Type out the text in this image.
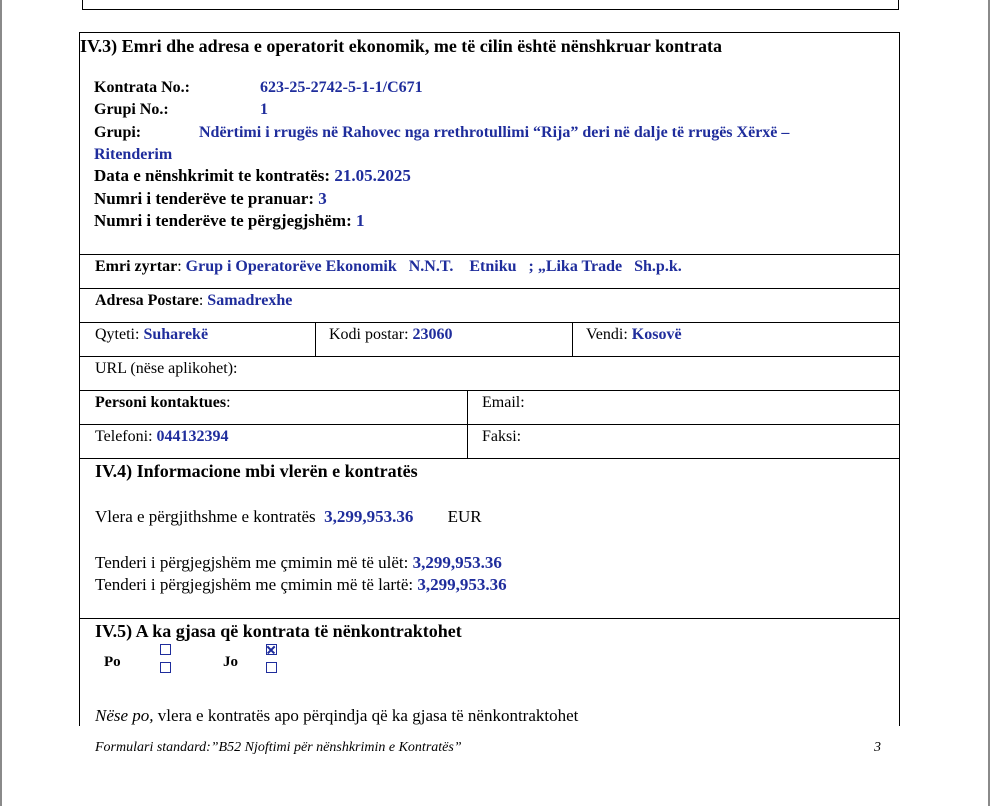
IV.3) Emri dhe adresa e operatorit ekonomik, me të cilin është nënshkruar kontrata
Kontrata No.:	623-25-2742-5-1-1/C671
Grupi No.:	1
Grupi:	Ndërtimi i rrugës në Rahovec nga rrethrotullimi “Rija” deri në dalje të rrugës Xërxë –
Ritenderim
Data e nënshkrimit te kontratës: 21.05.2025
Numri i tenderëve te pranuar: 3
Numri i tenderëve te përgjegjshëm: 1
Emri zyrtar: Grup i Operatorëve Ekonomik   N.N.T.    Etniku   ; „Lika Trade   Sh.p.k.
Adresa Postare: Samadrexhe
Qyteti: Suharekë	Kodi postar: 23060	Vendi: Kosovë
URL (nëse aplikohet):
Personi kontaktues:	Email:
Telefoni: 044132394	Faksi:
IV.4) Informacione mbi vlerën e kontratës
Vlera e përgjithshme e kontratës 3,299,953.36 EUR
Tenderi i përgjegjshëm me çmimin më të ulët: 3,299,953.36
Tenderi i përgjegjshëm me çmimin më të lartë: 3,299,953.36
IV.5) A ka gjasa që kontrata të nënkontraktohet
Po	Jo
Nëse po, vlera e kontratës apo përqindja që ka gjasa të nënkontraktohet
Formulari standard:”B52 Njoftimi për nënshkrimin e Kontratës”	3
